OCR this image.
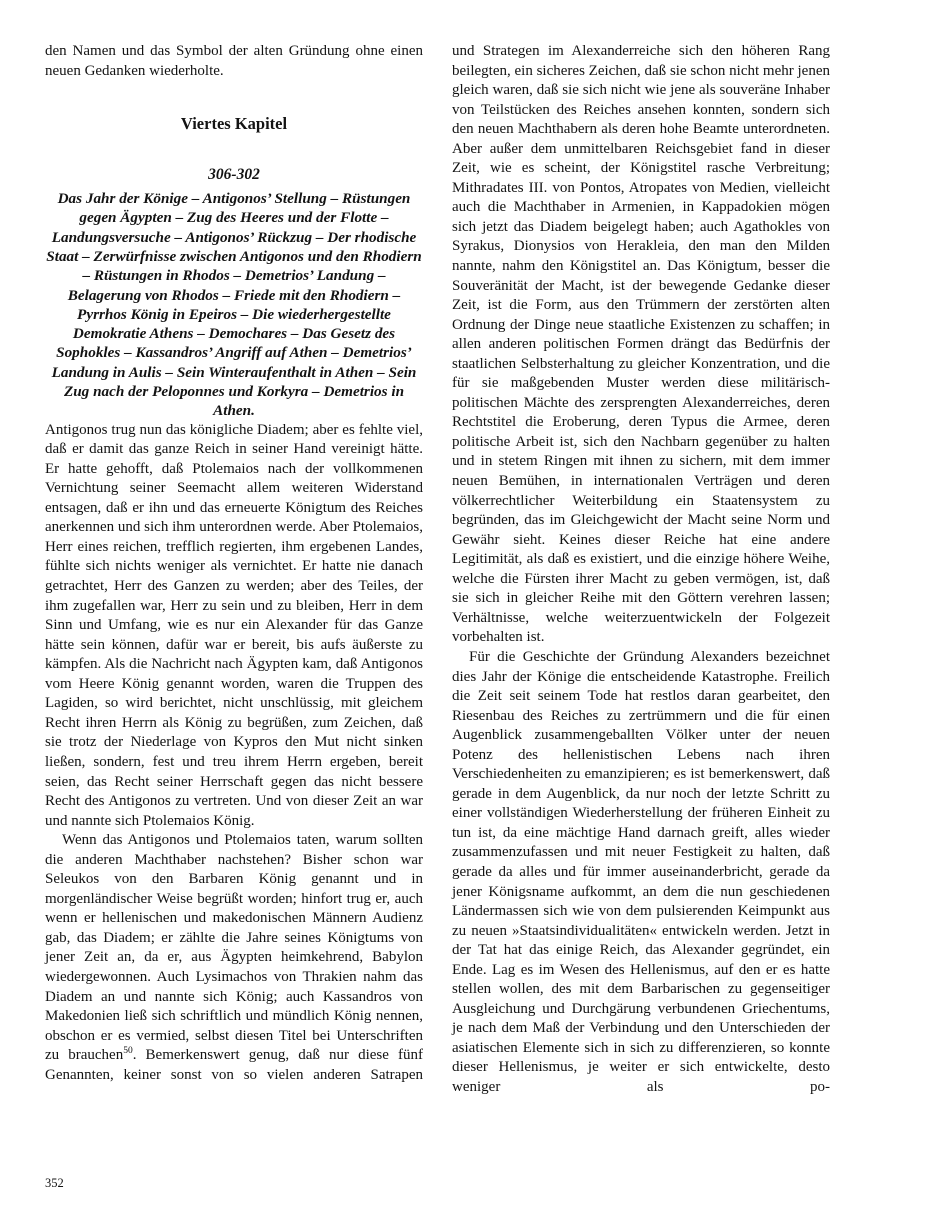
den Namen und das Symbol der alten Gründung ohne einen neuen Gedanken wiederholte.

Viertes Kapitel
306-302
Das Jahr der Könige – Antigonos’ Stellung – Rüstungen gegen Ägypten – Zug des Heeres und der Flotte – Landungsversuche – Antigonos’ Rückzug – Der rhodische Staat – Zerwürfnisse zwischen Antigonos und den Rhodiern – Rüstungen in Rhodos – Demetrios’ Landung – Belagerung von Rhodos – Friede mit den Rhodiern – Pyrrhos König in Epeiros – Die wiederhergestellte Demokratie Athens – Demochares – Das Gesetz des Sophokles – Kassandros’ Angriff auf Athen – Demetrios’ Landung in Aulis – Sein Winteraufenthalt in Athen – Sein Zug nach der Peloponnes und Korkyra – Demetrios in Athen.

Antigonos trug nun das königliche Diadem; aber es fehlte viel, daß er damit das ganze Reich in seiner Hand vereinigt hätte. Er hatte gehofft, daß Ptolemaios nach der vollkommenen Vernichtung seiner Seemacht allem weiteren Widerstand entsagen, daß er ihn und das erneuerte Königtum des Reiches anerkennen und sich ihm unterordnen werde. Aber Ptolemaios, Herr eines reichen, trefflich regierten, ihm ergebenen Landes, fühlte sich nichts weniger als vernichtet. Er hatte nie danach getrachtet, Herr des Ganzen zu werden; aber des Teiles, der ihm zugefallen war, Herr zu sein und zu bleiben, Herr in dem Sinn und Umfang, wie es nur ein Alexander für das Ganze hätte sein können, dafür war er bereit, bis aufs äußerste zu kämpfen. Als die Nachricht nach Ägypten kam, daß Antigonos vom Heere König genannt worden, waren die Truppen des Lagiden, so wird berichtet, nicht unschlüssig, mit gleichem Recht ihren Herrn als König zu begrüßen, zum Zeichen, daß sie trotz der Niederlage von Kypros den Mut nicht sinken ließen, sondern, fest und treu ihrem Herrn ergeben, bereit seien, das Recht seiner Herrschaft gegen das nicht bessere Recht des Antigonos zu vertreten. Und von dieser Zeit an war und nannte sich Ptolemaios König.

Wenn das Antigonos und Ptolemaios taten, warum sollten die anderen Machthaber nachstehen? Bisher schon war Seleukos von den Barbaren König genannt und in morgenländischer Weise begrüßt worden; hinfort trug er, auch wenn er hellenischen und makedonischen Männern Audienz gab, das Diadem; er zählte die Jahre seines Königtums von jener Zeit an, da er, aus Ägypten heimkehrend, Babylon wiedergewonnen. Auch Lysimachos von Thrakien nahm das Diadem an und nannte sich König; auch Kassandros von Makedonien ließ sich schriftlich und mündlich König nennen, obschon er es vermied, selbst diesen Titel bei Unterschriften zu brauchen$^{50}$. Bemerkenswert genug, daß nur diese fünf Genannten, keiner sonst von so vielen anderen Satrapen

und Strategen im Alexanderreiche sich den höheren Rang beilegten, ein sicheres Zeichen, daß sie schon nicht mehr jenen gleich waren, daß sie sich nicht wie jene als souveräne Inhaber von Teilstücken des Reiches ansehen konnten, sondern sich den neuen Machthabern als deren hohe Beamte unterordneten. Aber außer dem unmittelbaren Reichsgebiet fand in dieser Zeit, wie es scheint, der Königstitel rasche Verbreitung; Mithradates III. von Pontos, Atropates von Medien, vielleicht auch die Machthaber in Armenien, in Kappadokien mögen sich jetzt das Diadem beigelegt haben; auch Agathokles von Syrakus, Dionysios von Herakleia, den man den Milden nannte, nahm den Königstitel an. Das Königtum, besser die Souveränität der Macht, ist der bewegende Gedanke dieser Zeit, ist die Form, aus den Trümmern der zerstörten alten Ordnung der Dinge neue staatliche Existenzen zu schaffen; in allen anderen politischen Formen drängt das Bedürfnis der staatlichen Selbsterhaltung zu gleicher Konzentration, und die für sie maßgebenden Muster werden diese militärisch-politischen Mächte des zersprengten Alexanderreiches, deren Rechtstitel die Eroberung, deren Typus die Armee, deren politische Arbeit ist, sich den Nachbarn gegenüber zu halten und in stetem Ringen mit ihnen zu sichern, mit dem immer neuen Bemühen, in internationalen Verträgen und deren völkerrechtlicher Weiterbildung ein Staatensystem zu begründen, das im Gleichgewicht der Macht seine Norm und Gewähr sieht. Keines dieser Reiche hat eine andere Legitimität, als daß es existiert, und die einzige höhere Weihe, welche die Fürsten ihrer Macht zu geben vermögen, ist, daß sie sich in gleicher Reihe mit den Göttern verehren lassen; Verhältnisse, welche weiterzuentwickeln der Folgezeit vorbehalten ist.

Für die Geschichte der Gründung Alexanders bezeichnet dies Jahr der Könige die entscheidende Katastrophe. Freilich die Zeit seit seinem Tode hat restlos daran gearbeitet, den Riesenbau des Reiches zu zertrümmern und die für einen Augenblick zusammengeballten Völker unter der neuen Potenz des hellenistischen Lebens nach ihren Verschiedenheiten zu emanzipieren; es ist bemerkenswert, daß gerade in dem Augenblick, da nur noch der letzte Schritt zu einer vollständigen Wiederherstellung der früheren Einheit zu tun ist, da eine mächtige Hand darnach greift, alles wieder zusammenzufassen und mit neuer Festigkeit zu halten, daß gerade da alles und für immer auseinanderbricht, gerade da jener Königsname aufkommt, an dem die nun geschiedenen Ländermassen sich wie von dem pulsierenden Keimpunkt aus zu neuen »Staatsindividualitäten« entwickeln werden. Jetzt in der Tat hat das einige Reich, das Alexander gegründet, ein Ende. Lag es im Wesen des Hellenismus, auf den er es hatte stellen wollen, des mit dem Barbarischen zu gegenseitiger Ausgleichung und Durchgärung verbundenen Griechentums, je nach dem Maß der Verbindung und den Unterschieden der asiatischen Elemente sich in sich zu differenzieren, so konnte dieser Hellenismus, je weiter er sich entwickelte, desto weniger als po-

352
